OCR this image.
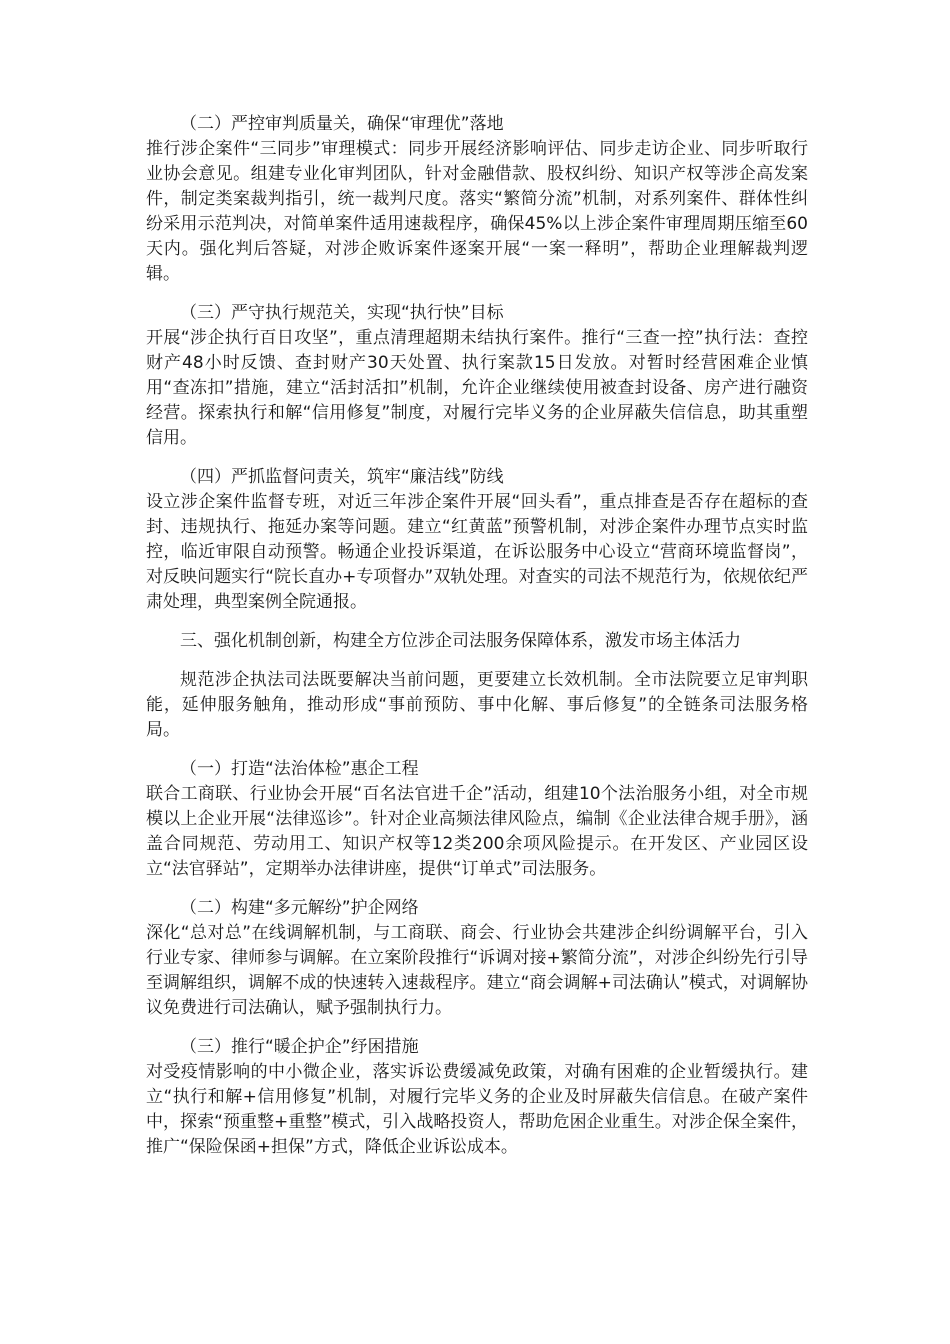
（二）严控审判质量关，确保“审理优”落地

推行涉企案件“三同步”审理模式：同步开展经济影响评估、同步走访企业、同步听取行业协会意见。组建专业化审判团队，针对金融借款、股权纠纷、知识产权等涉企高发案件，制定类案裁判指引，统一裁判尺度。落实“繁简分流”机制，对系列案件、群体性纠纷采用示范判决，对简单案件适用速裁程序，确保45%以上涉企案件审理周期压缩至60天内。强化判后答疑，对涉企败诉案件逐案开展“一案一释明”，帮助企业理解裁判逻辑。

（三）严守执行规范关，实现“执行快”目标

开展“涉企执行百日攻坚”，重点清理超期未结执行案件。推行“三查一控”执行法：查控财产48小时反馈、查封财产30天处置、执行案款15日发放。对暂时经营困难企业慎用“查冻扣”措施，建立“活封活扣”机制，允许企业继续使用被查封设备、房产进行融资经营。探索执行和解“信用修复”制度，对履行完毕义务的企业屏蔽失信信息，助其重塑信用。

（四）严抓监督问责关，筑牢“廉洁线”防线

设立涉企案件监督专班，对近三年涉企案件开展“回头看”，重点排查是否存在超标的查封、违规执行、拖延办案等问题。建立“红黄蓝”预警机制，对涉企案件办理节点实时监控，临近审限自动预警。畅通企业投诉渠道，在诉讼服务中心设立“营商环境监督岗”，对反映问题实行“院长直办+专项督办”双轨处理。对查实的司法不规范行为，依规依纪严肃处理，典型案例全院通报。

三、强化机制创新，构建全方位涉企司法服务保障体系，激发市场主体活力

规范涉企执法司法既要解决当前问题，更要建立长效机制。全市法院要立足审判职能，延伸服务触角，推动形成“事前预防、事中化解、事后修复”的全链条司法服务格局。

（一）打造“法治体检”惠企工程

联合工商联、行业协会开展“百名法官进千企”活动，组建10个法治服务小组，对全市规模以上企业开展“法律巡诊”。针对企业高频法律风险点，编制《企业法律合规手册》，涵盖合同规范、劳动用工、知识产权等12类200余项风险提示。在开发区、产业园区设立“法官驿站”，定期举办法律讲座，提供“订单式”司法服务。

（二）构建“多元解纷”护企网络

深化“总对总”在线调解机制，与工商联、商会、行业协会共建涉企纠纷调解平台，引入行业专家、律师参与调解。在立案阶段推行“诉调对接+繁简分流”，对涉企纠纷先行引导至调解组织，调解不成的快速转入速裁程序。建立“商会调解+司法确认”模式，对调解协议免费进行司法确认，赋予强制执行力。

（三）推行“暖企护企”纾困措施

对受疫情影响的中小微企业，落实诉讼费缓减免政策，对确有困难的企业暂缓执行。建立“执行和解+信用修复”机制，对履行完毕义务的企业及时屏蔽失信信息。在破产案件中，探索“预重整+重整”模式，引入战略投资人，帮助危困企业重生。对涉企保全案件，推广“保险保函+担保”方式，降低企业诉讼成本。
